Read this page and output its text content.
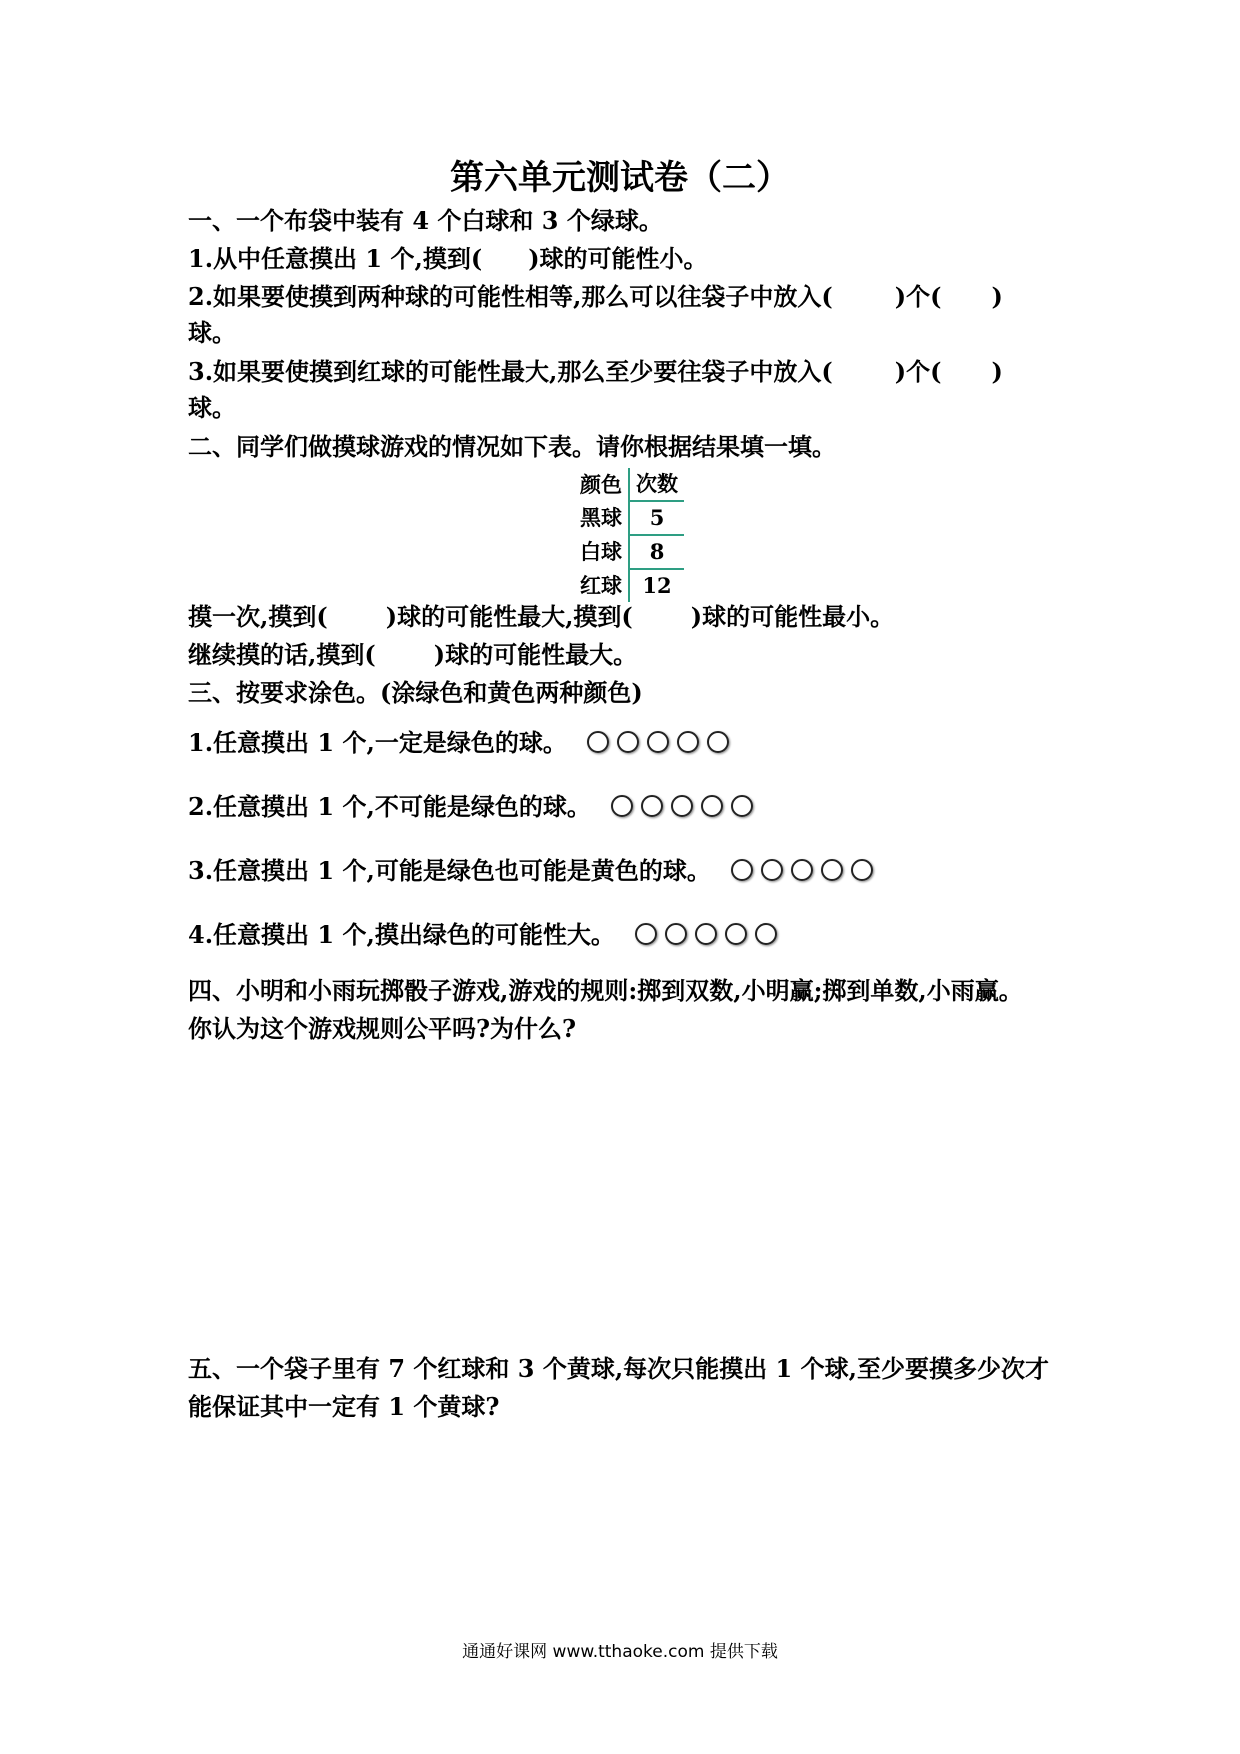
第六单元测试卷（二）
一、一个布袋中装有 4 个白球和 3 个绿球。
1.从中任意摸出 1 个,摸到( )球的可能性小。
2.如果要使摸到两种球的可能性相等,那么可以往袋子中放入(	)个( )
球。
3.如果要使摸到红球的可能性最大,那么至少要往袋子中放入(	)个( )
球。
二、同学们做摸球游戏的情况如下表。请你根据结果填一填。
颜色	次数
黑球	5
白球	8
红球	12
摸一次,摸到( )球的可能性最大,摸到( )球的可能性最小。
继续摸的话,摸到( )球的可能性最大。
三、按要求涂色。(涂绿色和黄色两种颜色)
1.任意摸出 1 个,一定是绿色的球。
2.任意摸出 1 个,不可能是绿色的球。
3.任意摸出 1 个,可能是绿色也可能是黄色的球。
4.任意摸出 1 个,摸出绿色的可能性大。
四、小明和小雨玩掷骰子游戏,游戏的规则:掷到双数,小明赢;掷到单数,小雨赢。
你认为这个游戏规则公平吗?为什么?
五、一个袋子里有 7 个红球和 3 个黄球,每次只能摸出 1 个球,至少要摸多少次才
能保证其中一定有 1 个黄球?
通通好课网 www.tthaoke.com 提供下载
